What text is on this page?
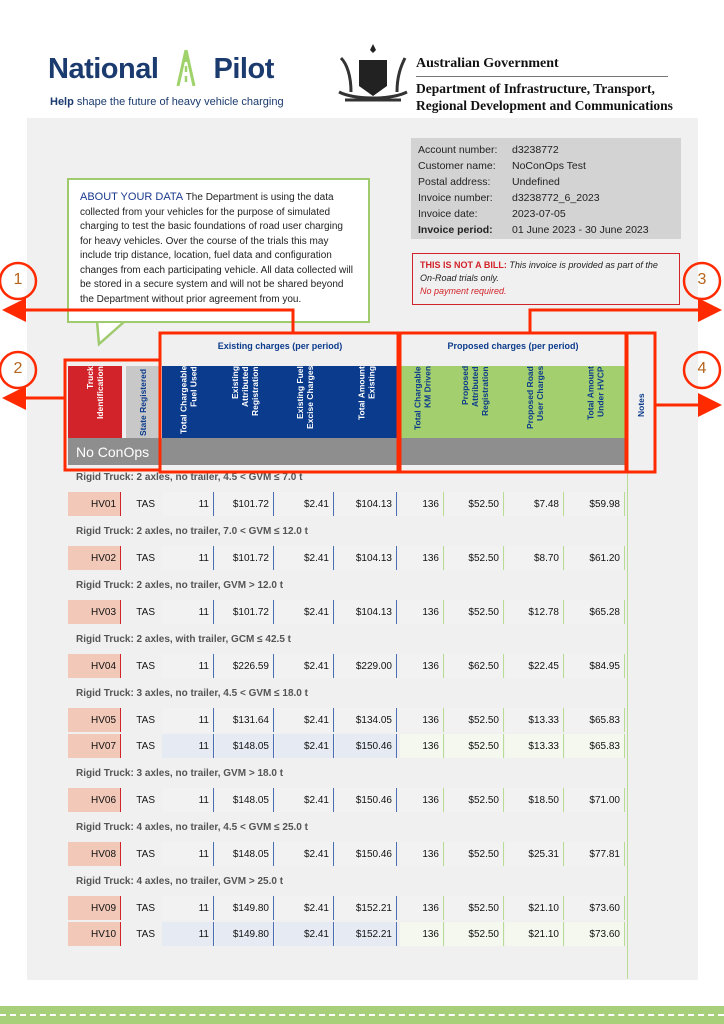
National Pilot
Help shape the future of heavy vehicle charging
Australian Government
Department of Infrastructure, Transport,
Regional Development and Communications
Account number:	d3238772
Customer name:	NoConOps Test
Postal address:	Undefined
Invoice number:	d3238772_6_2023
Invoice date:	2023-07-05
Invoice period:	01 June 2023 - 30 June 2023
THIS IS NOT A BILL: This invoice is provided as part of the On-Road trials only.
No payment required.
ABOUT YOUR DATA The Department is using the data collected from your vehicles for the purpose of simulated charging to test the basic foundations of road user charging for heavy vehicles. Over the course of the trials this may include trip distance, location, fuel data and configuration changes from each participating vehicle. All data collected will be stored in a secure system and will not be shared beyond the Department without prior agreement from you.
Existing charges (per period)	Proposed charges (per period)
Truck Identification	State Registered	Total Chargeable Fuel Used	Existing Attributed Registration	Existing Fuel Excise Charges	Total Amount Existing	Total Chargable KM Driven	Proposed Attributed Registration	Proposed Road User Charges	Total Amount Under HVCP	Notes
No ConOps
Rigid Truck: 2 axles, no trailer, 4.5 < GVM ≤ 7.0 t
HV01	TAS	11	$101.72	$2.41	$104.13	136	$52.50	$7.48	$59.98
Rigid Truck: 2 axles, no trailer, 7.0 < GVM ≤ 12.0 t
HV02	TAS	11	$101.72	$2.41	$104.13	136	$52.50	$8.70	$61.20
Rigid Truck: 2 axles, no trailer, GVM > 12.0 t
HV03	TAS	11	$101.72	$2.41	$104.13	136	$52.50	$12.78	$65.28
Rigid Truck: 2 axles, with trailer, GCM ≤ 42.5 t
HV04	TAS	11	$226.59	$2.41	$229.00	136	$62.50	$22.45	$84.95
Rigid Truck: 3 axles, no trailer, 4.5 < GVM ≤ 18.0 t
HV05	TAS	11	$131.64	$2.41	$134.05	136	$52.50	$13.33	$65.83
HV07	TAS	11	$148.05	$2.41	$150.46	136	$52.50	$13.33	$65.83
Rigid Truck: 3 axles, no trailer, GVM > 18.0 t
HV06	TAS	11	$148.05	$2.41	$150.46	136	$52.50	$18.50	$71.00
Rigid Truck: 4 axles, no trailer, 4.5 < GVM ≤ 25.0 t
HV08	TAS	11	$148.05	$2.41	$150.46	136	$52.50	$25.31	$77.81
Rigid Truck: 4 axles, no trailer, GVM > 25.0 t
HV09	TAS	11	$149.80	$2.41	$152.21	136	$52.50	$21.10	$73.60
HV10	TAS	11	$149.80	$2.41	$152.21	136	$52.50	$21.10	$73.60
1
2
3
4
